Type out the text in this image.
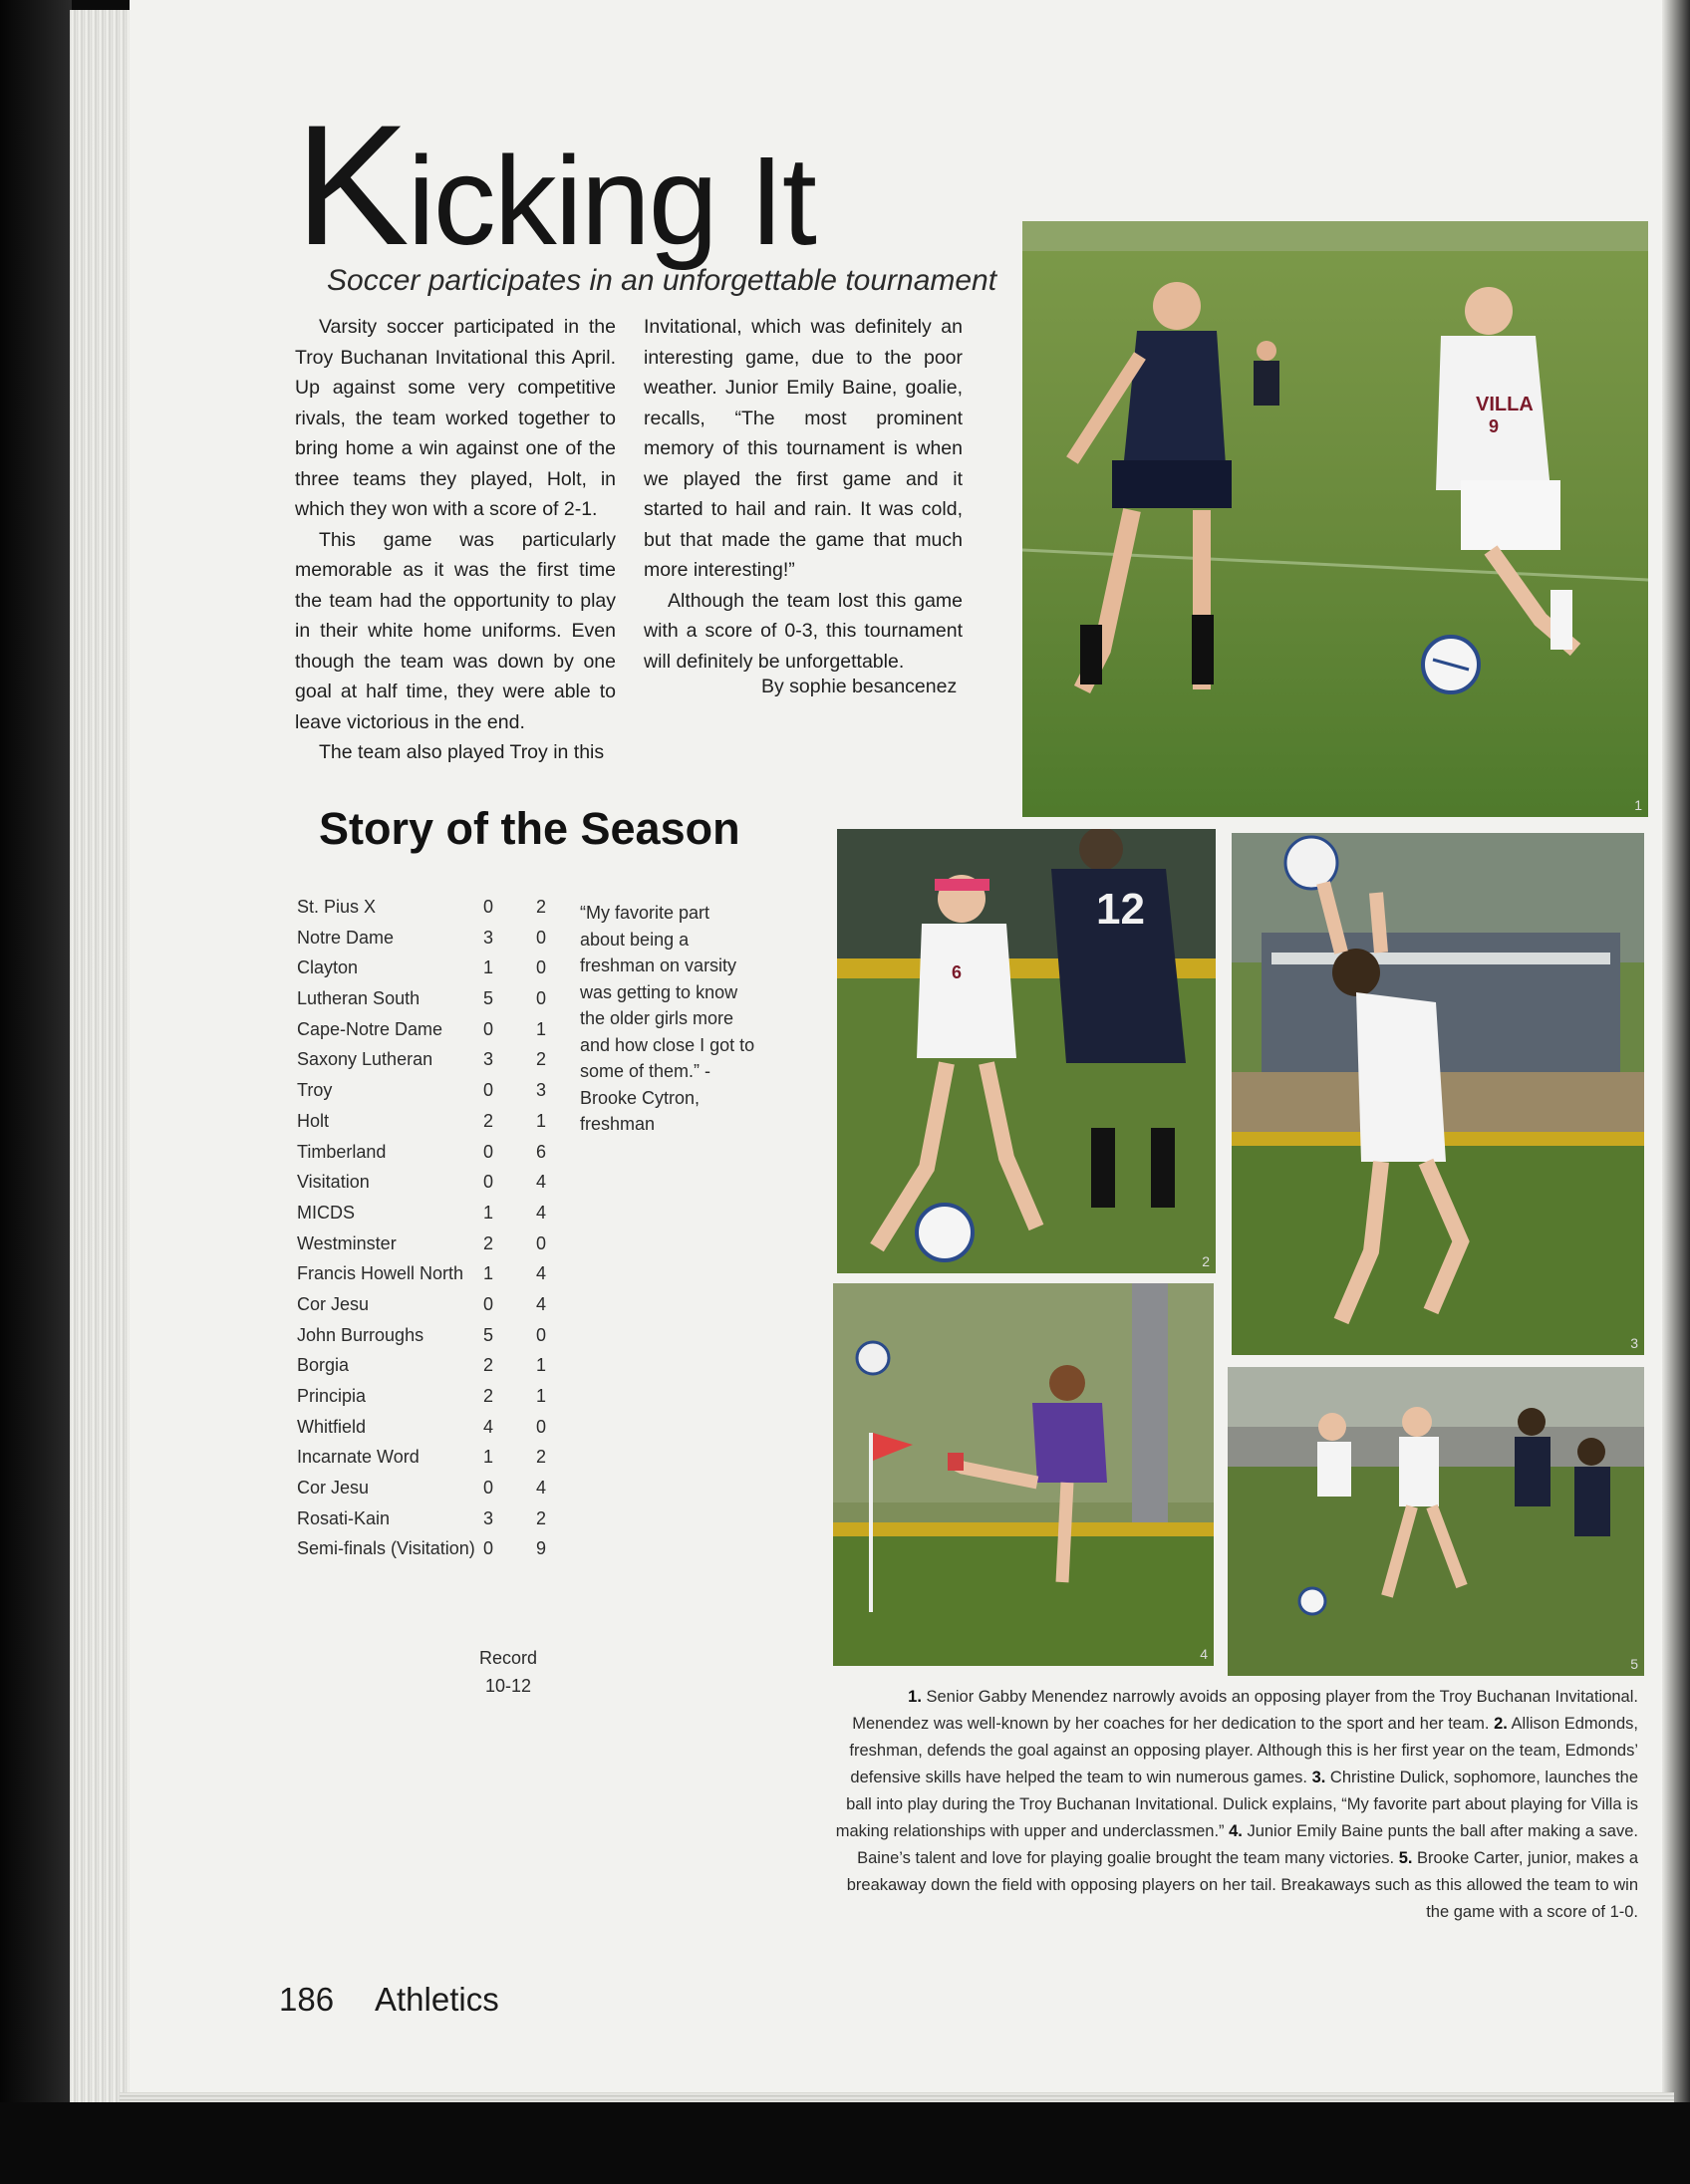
Kicking It
Soccer participates in an unforgettable tournament

Varsity soccer participated in the Troy Buchanan Invitational this April. Up against some very competitive rivals, the team worked together to bring home a win against one of the three teams they played, Holt, in which they won with a score of 2-1.

This game was particularly memorable as it was the first time the team had the opportunity to play in their white home uniforms. Even though the team was down by one goal at half time, they were able to leave victorious in the end.

The team also played Troy in this

Invitational, which was definitely an interesting game, due to the poor weather. Junior Emily Baine, goalie, recalls, “The most prominent memory of this tournament is when we played the first game and it started to hail and rain. It was cold, but that made the game that much more interesting!”

Although the team lost this game with a score of 0-3, this tournament will definitely be unforgettable.

By sophie besancenez
Story of the Season
St. Pius X	0	2
Notre Dame	3	0
Clayton	1	0
Lutheran South	5	0
Cape-Notre Dame	0	1
Saxony Lutheran	3	2
Troy	0	3
Holt	2	1
Timberland	0	6
Visitation	0	4
MICDS	1	4
Westminster	2	0
Francis Howell North	1	4
Cor Jesu	0	4
John Burroughs	5	0
Borgia	2	1
Principia	2	1
Whitfield	4	0
Incarnate Word	1	2
Cor Jesu	0	4
Rosati-Kain	3	2
Semi-finals (Visitation) 0	9
“My favorite part about being a freshman on varsity was getting to know the older girls more and how close I got to some of them.” - Brooke Cytron, freshman
Record
10-12
VILLA
9
1
6
12
2
3
4
5
1. Senior Gabby Menendez narrowly avoids an opposing player from the Troy Buchanan Invitational. Menendez was well-known by her coaches for her dedication to the sport and her team. 2. Allison Edmonds, freshman, defends the goal against an opposing player. Although this is her first year on the team, Edmonds’ defensive skills have helped the team to win numerous games. 3. Christine Dulick, sophomore, launches the ball into play during the Troy Buchanan Invitational. Dulick explains, “My favorite part about playing for Villa is making relationships with upper and underclassmen.” 4. Junior Emily Baine punts the ball after making a save. Baine’s talent and love for playing goalie brought the team many victories. 5. Brooke Carter, junior, makes a breakaway down the field with opposing players on her tail. Breakaways such as this allowed the team to win the game with a score of 1-0.
186 Athletics
